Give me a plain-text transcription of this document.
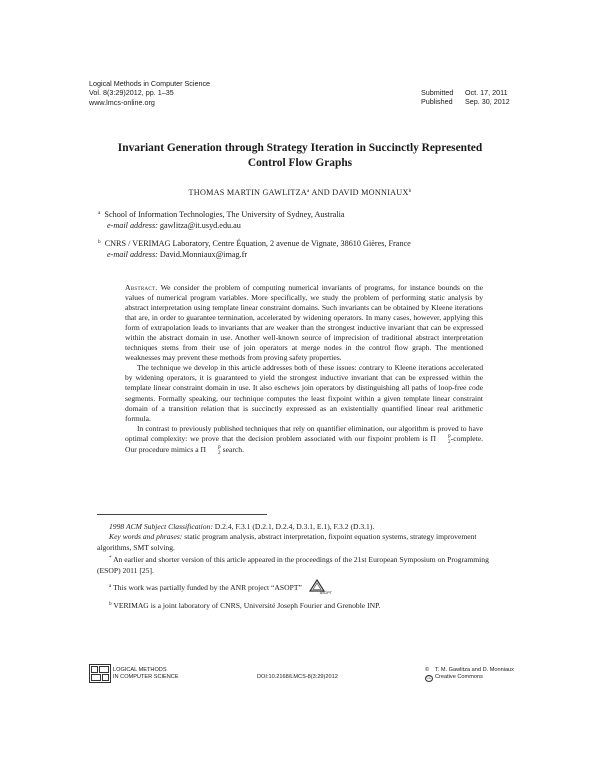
Logical Methods in Computer Science
Vol. 8(3:29)2012, pp. 1–35
www.lmcs-online.org
Submitted Oct. 17, 2011
Published Sep. 30, 2012
Invariant Generation through Strategy Iteration in Succinctly Represented
Control Flow Graphs
THOMAS MARTIN GAWLITZA$^a$ AND DAVID MONNIAUX$^b$
$^a$ School of Information Technologies, The University of Sydney, Australia
e-mail address: gawlitza@it.usyd.edu.au
$^b$ CNRS / VERIMAG Laboratory, Centre Équation, 2 avenue de Vignate, 38610 Gières, France
e-mail address: David.Monniaux@imag.fr

Abstract. We consider the problem of computing numerical invariants of programs, for instance bounds on the values of numerical program variables. More specifically, we study the problem of performing static analysis by abstract interpretation using template linear constraint domains. Such invariants can be obtained by Kleene iterations that are, in order to guarantee termination, accelerated by widening operators. In many cases, however, applying this form of extrapolation leads to invariants that are weaker than the strongest inductive invariant that can be expressed within the abstract domain in use. Another well-known source of imprecision of traditional abstract interpretation techniques stems from their use of join operators at merge nodes in the control flow graph. The mentioned weaknesses may prevent these methods from proving safety properties.

The technique we develop in this article addresses both of these issues: contrary to Kleene iterations accelerated by widening operators, it is guaranteed to yield the strongest inductive invariant that can be expressed within the template linear constraint domain in use. It also eschews join operators by distinguishing all paths of loop-free code segments. Formally speaking, our technique computes the least fixpoint within a given template linear constraint domain of a transition relation that is succinctly expressed as an existentially quantified linear real arithmetic formula.

In contrast to previously published techniques that rely on quantifier elimination, our algorithm is proved to have optimal complexity: we prove that the decision problem associated with our fixpoint problem is Π	P
2 -complete. Our procedure mimics a Π	P
2 search.

1998 ACM Subject Classification: D.2.4, F.3.1 (D.2.1, D.2.4, D.3.1, E.1), F.3.2 (D.3.1).

Key words and phrases: static program analysis, abstract interpretation, fixpoint equation systems, strategy improvement algorithms, SMT solving.

* An earlier and shorter version of this article appeared in the proceedings of the 21st European Symposium on Programming (ESOP) 2011 [25].

$^a$ This work was partially funded by the ANR project “ASOPT”
ASOPT

$^b$ VERIMAG is a joint laboratory of CNRS, Université Joseph Fourier and Grenoble INP.

LOGICAL METHODS
IN COMPUTER SCIENCE	DOI:10.2168/LMCS-8(3:29)2012
© T. M. Gawlitza and D. Monniaux
CC Creative Commons
